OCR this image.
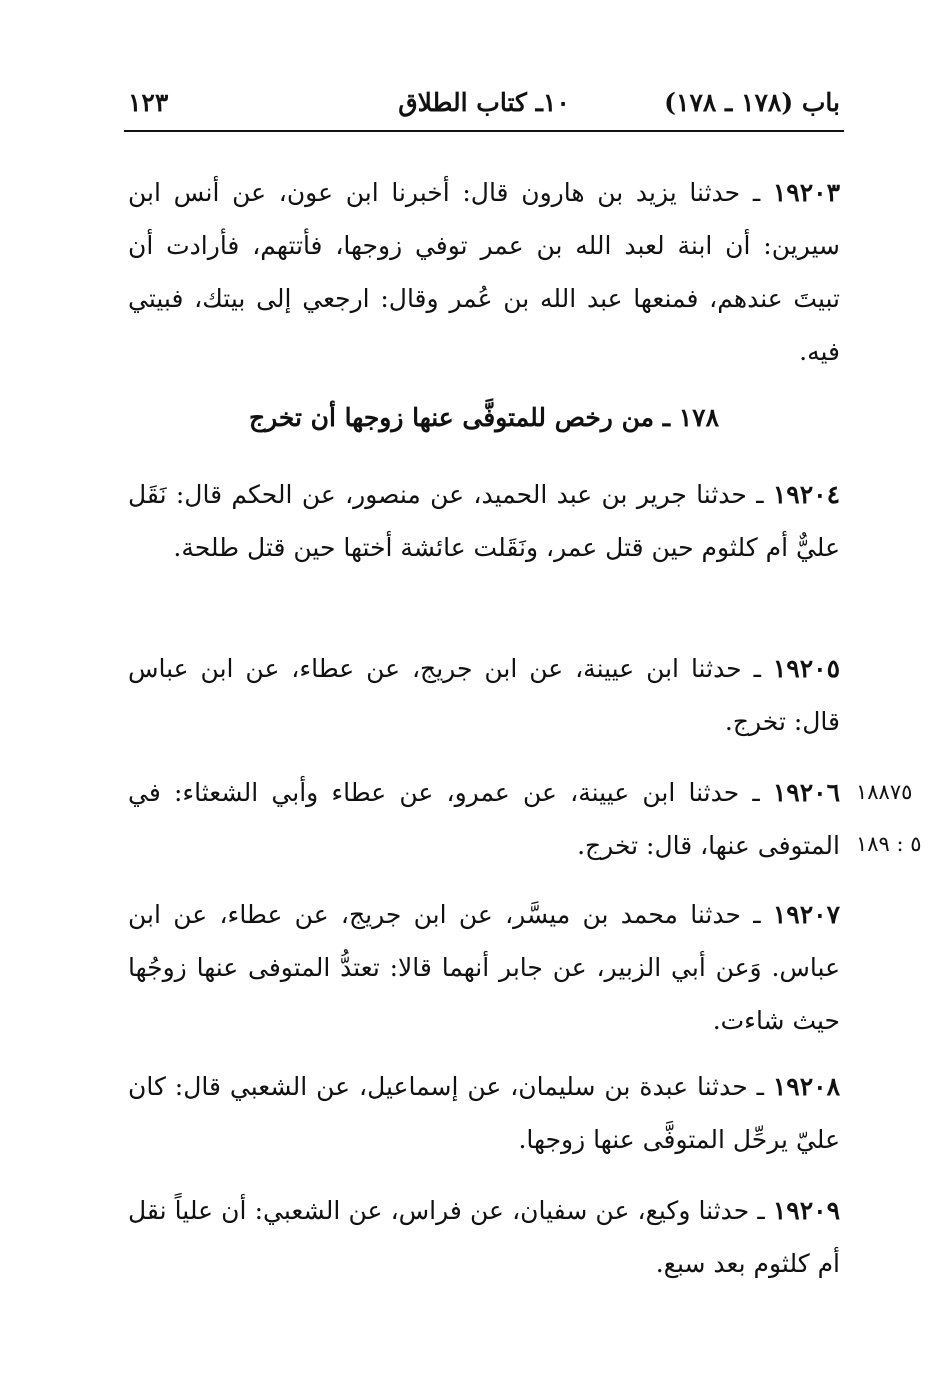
باب (١٧٨ ـ ١٧٨)
١٠ـ كتاب الطلاق
١٢٣
١٩٢٠٣ ـ حدثنا يزيد بن هارون قال: أخبرنا ابن عون، عن أنس ابن سيرين: أن ابنة لعبد الله بن عمر توفي زوجها، فأتتهم، فأرادت أن تبيتَ عندهم، فمنعها عبد الله بن عُمر وقال: ارجعي إلى بيتك، فبيتي فيه.
١٧٨ ـ من رخص للمتوفَّى عنها زوجها أن تخرج
١٩٢٠٤ ـ حدثنا جرير بن عبد الحميد، عن منصور، عن الحكم قال: نَقَل عليٌّ أم كلثوم حين قتل عمر، ونَقَلت عائشة أختها حين قتل طلحة.
١٩٢٠٥ ـ حدثنا ابن عيينة، عن ابن جريج، عن عطاء، عن ابن عباس قال: تخرج.
١٩٢٠٦ ـ حدثنا ابن عيينة، عن عمرو، عن عطاء وأبي الشعثاء: في المتوفى عنها، قال: تخرج.
١٨٨٧٥
٥ : ١٨٩
١٩٢٠٧ ـ حدثنا محمد بن ميسَّر، عن ابن جريج، عن عطاء، عن ابن عباس. وَعن أبي الزبير، عن جابر أنهما قالا: تعتدُّ المتوفى عنها زوجُها حيث شاءت.
١٩٢٠٨ ـ حدثنا عبدة بن سليمان، عن إسماعيل، عن الشعبي قال: كان عليّ يرحِّل المتوفَّى عنها زوجها.
١٩٢٠٩ ـ حدثنا وكيع، عن سفيان، عن فراس، عن الشعبي: أن علياً نقل أم كلثوم بعد سبع.
